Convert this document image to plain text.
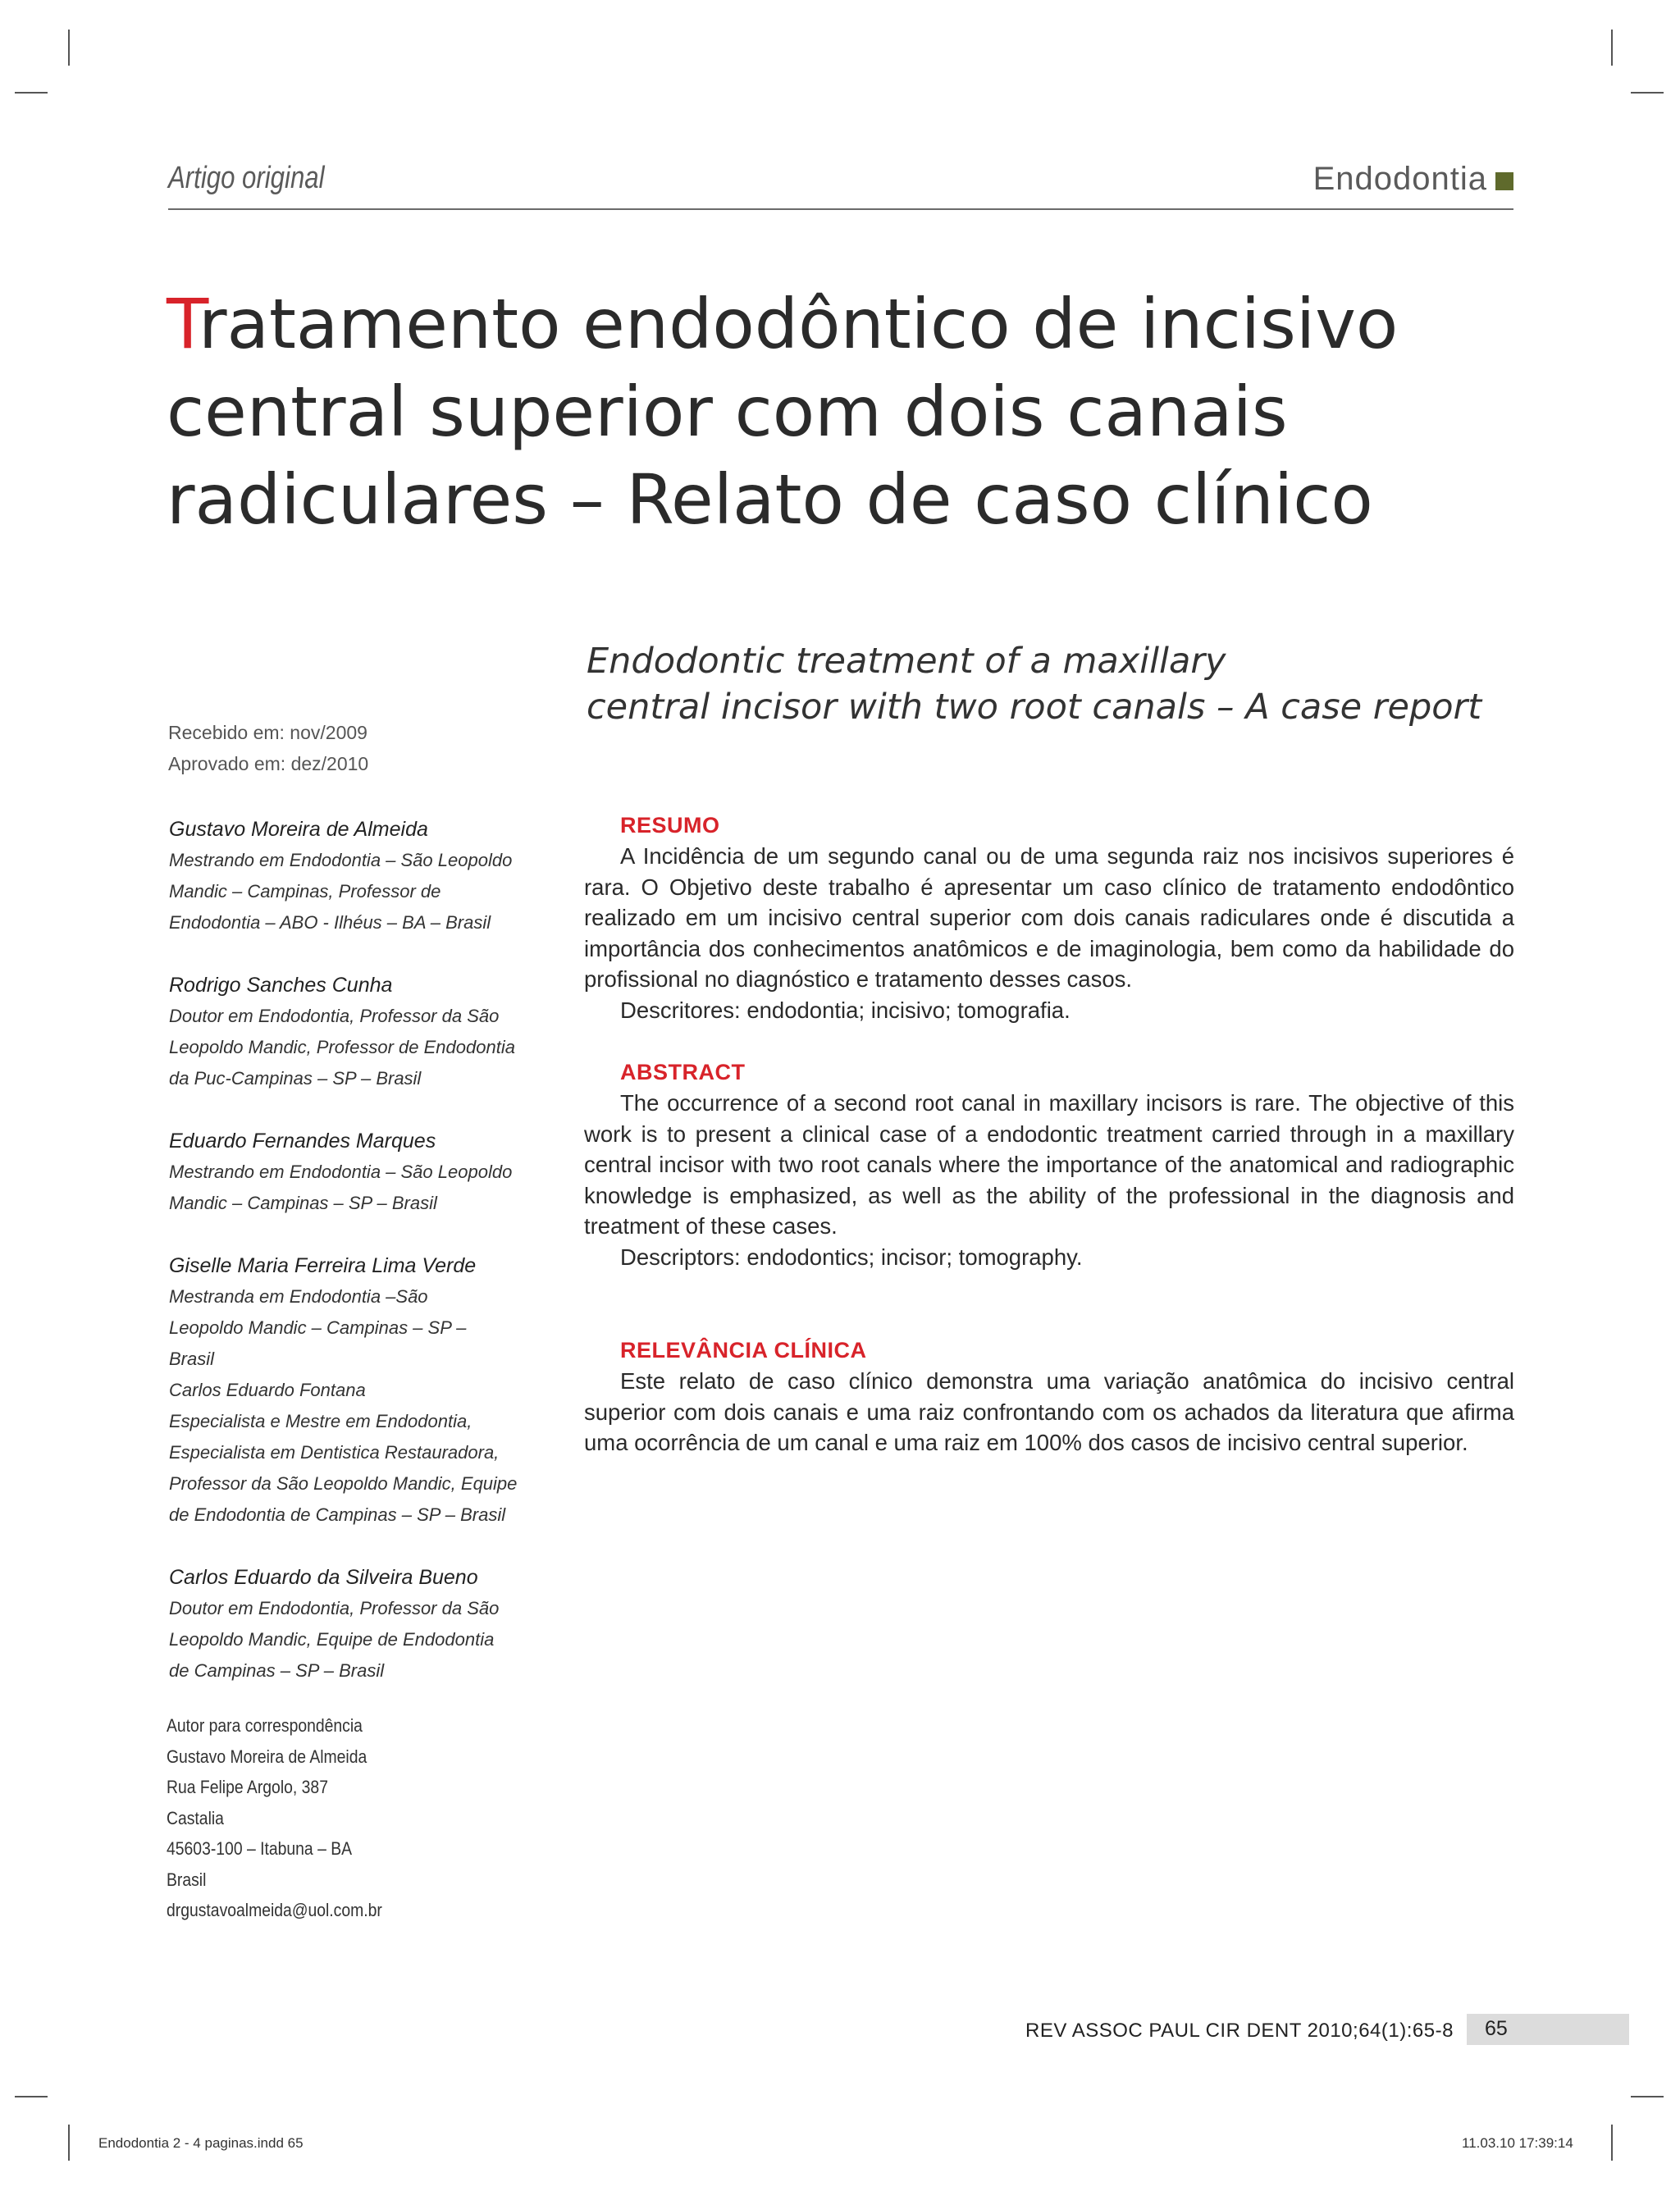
Artigo original	Endodontia
Tratamento endodôntico de incisivo central superior com dois canais radiculares – Relato de caso clínico
Endodontic treatment of a maxillary
central incisor with two root canals – A case report
Recebido em: nov/2009
Aprovado em: dez/2010
Gustavo Moreira de Almeida
Mestrando em Endodontia – São Leopoldo
Mandic – Campinas, Professor de
Endodontia – ABO - Ilhéus – BA – Brasil
Rodrigo Sanches Cunha
Doutor em Endodontia, Professor da São
Leopoldo Mandic, Professor de Endodontia
da Puc-Campinas – SP – Brasil
Eduardo Fernandes Marques
Mestrando em Endodontia – São Leopoldo
Mandic – Campinas – SP – Brasil
Giselle Maria Ferreira Lima Verde
Mestranda em Endodontia –São
Leopoldo Mandic – Campinas – SP –
Brasil
Carlos Eduardo Fontana
Especialista e Mestre em Endodontia,
Especialista em Dentistica Restauradora,
Professor da São Leopoldo Mandic, Equipe
de Endodontia de Campinas – SP – Brasil
Carlos Eduardo da Silveira Bueno
Doutor em Endodontia, Professor da São
Leopoldo Mandic, Equipe de Endodontia
de Campinas – SP – Brasil
Autor para correspondência
Gustavo Moreira de Almeida
Rua Felipe Argolo, 387
Castalia
45603-100 – Itabuna – BA
Brasil
drgustavoalmeida@uol.com.br
RESUMO

A Incidência de um segundo canal ou de uma segunda raiz nos incisivos superiores é rara. O Objetivo deste trabalho é apresentar um caso clínico de tratamento endodôntico realizado em um incisivo central superior com dois canais radiculares onde é discutida a importância dos conhecimentos anatômicos e de imaginologia, bem como da habilidade do profissional no diagnóstico e tratamento desses casos.

Descritores: endodontia; incisivo; tomografia.

ABSTRACT

The occurrence of a second root canal in maxillary incisors is rare. The objective of this work is to present a clinical case of a endodontic treatment carried through in a maxillary central incisor with two root canals where the importance of the anatomical and radiographic knowledge is emphasized, as well as the ability of the professional in the diagnosis and treatment of these cases.

Descriptors: endodontics; incisor; tomography.

RELEVÂNCIA CLÍNICA

Este relato de caso clínico demonstra uma variação anatômica do incisivo central superior com dois canais e uma raiz confrontando com os achados da literatura que afirma uma ocorrência de um canal e uma raiz em 100% dos casos de incisivo central superior.

REV ASSOC PAUL CIR DENT 2010;64(1):65-8 65
Endodontia 2 - 4 paginas.indd 65	11.03.10 17:39:14
